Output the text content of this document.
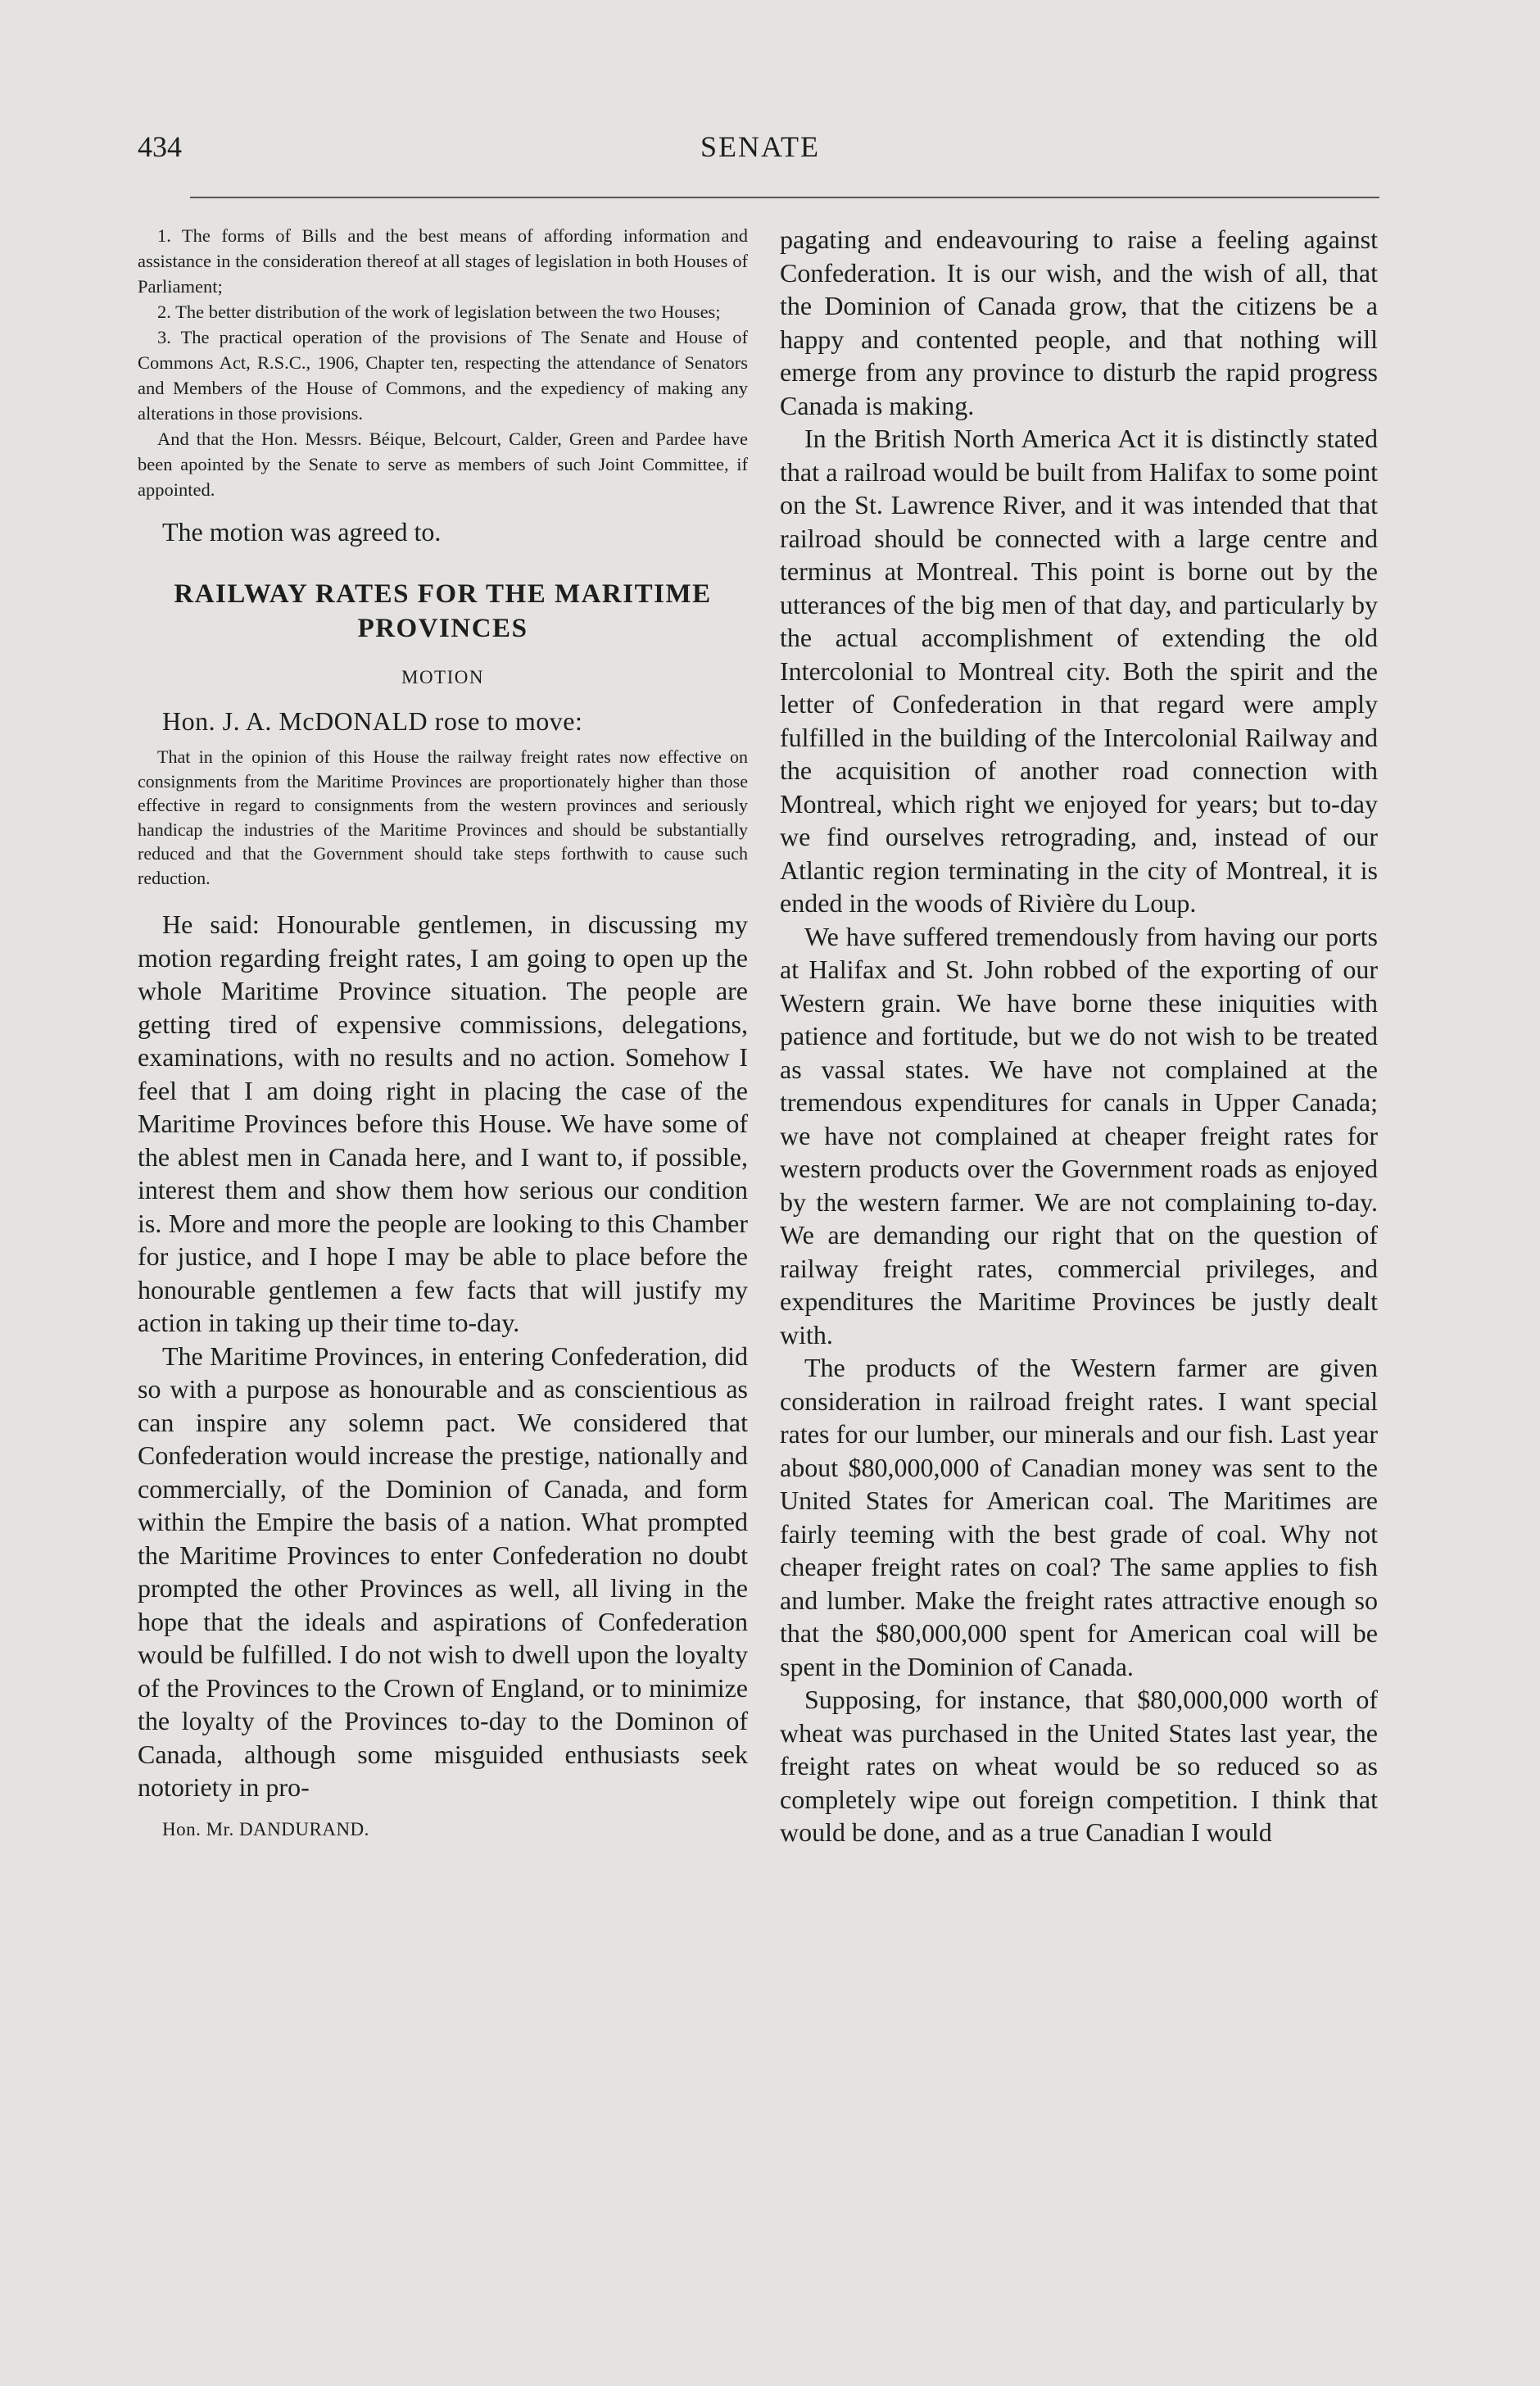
434	SENATE

1. The forms of Bills and the best means of affording information and assistance in the consideration thereof at all stages of legislation in both Houses of Parliament;

2. The better distribution of the work of legislation between the two Houses;

3. The practical operation of the provisions of The Senate and House of Commons Act, R.S.C., 1906, Chapter ten, respecting the attendance of Senators and Members of the House of Commons, and the expediency of making any alterations in those provisions.

And that the Hon. Messrs. Béique, Belcourt, Calder, Green and Pardee have been apointed by the Senate to serve as members of such Joint Committee, if appointed.

The motion was agreed to.

RAILWAY RATES FOR THE MARITIME PROVINCES
MOTION

Hon. J. A. McDONALD rose to move:

That in the opinion of this House the railway freight rates now effective on consignments from the Maritime Provinces are proportionately higher than those effective in regard to consignments from the western provinces and seriously handicap the industries of the Maritime Provinces and should be substantially reduced and that the Government should take steps forthwith to cause such reduction.

He said: Honourable gentlemen, in discussing my motion regarding freight rates, I am going to open up the whole Maritime Province situation. The people are getting tired of expensive commissions, delegations, examinations, with no results and no action. Somehow I feel that I am doing right in placing the case of the Maritime Provinces before this House. We have some of the ablest men in Canada here, and I want to, if possible, interest them and show them how serious our condition is. More and more the people are looking to this Chamber for justice, and I hope I may be able to place before the honourable gentlemen a few facts that will justify my action in taking up their time to-day.

The Maritime Provinces, in entering Confederation, did so with a purpose as honourable and as conscientious as can inspire any solemn pact. We considered that Confederation would increase the prestige, nationally and commercially, of the Dominion of Canada, and form within the Empire the basis of a nation. What prompted the Maritime Provinces to enter Confederation no doubt prompted the other Provinces as well, all living in the hope that the ideals and aspirations of Confederation would be fulfilled. I do not wish to dwell upon the loyalty of the Provinces to the Crown of England, or to minimize the loyalty of the Provinces to-day to the Dominon of Canada, although some misguided enthusiasts seek notoriety in pro-

Hon. Mr. DANDURAND.

pagating and endeavouring to raise a feeling against Confederation. It is our wish, and the wish of all, that the Dominion of Canada grow, that the citizens be a happy and contented people, and that nothing will emerge from any province to disturb the rapid progress Canada is making.

In the British North America Act it is distinctly stated that a railroad would be built from Halifax to some point on the St. Lawrence River, and it was intended that that railroad should be connected with a large centre and terminus at Montreal. This point is borne out by the utterances of the big men of that day, and particularly by the actual accomplishment of extending the old Intercolonial to Montreal city. Both the spirit and the letter of Confederation in that regard were amply fulfilled in the building of the Intercolonial Railway and the acquisition of another road connection with Montreal, which right we enjoyed for years; but to-day we find ourselves retrograding, and, instead of our Atlantic region terminating in the city of Montreal, it is ended in the woods of Rivière du Loup.

We have suffered tremendously from having our ports at Halifax and St. John robbed of the exporting of our Western grain. We have borne these iniquities with patience and fortitude, but we do not wish to be treated as vassal states. We have not complained at the tremendous expenditures for canals in Upper Canada; we have not complained at cheaper freight rates for western products over the Government roads as enjoyed by the western farmer. We are not complaining to-day. We are demanding our right that on the question of railway freight rates, commercial privileges, and expenditures the Maritime Provinces be justly dealt with.

The products of the Western farmer are given consideration in railroad freight rates. I want special rates for our lumber, our minerals and our fish. Last year about $80,000,000 of Canadian money was sent to the United States for American coal. The Maritimes are fairly teeming with the best grade of coal. Why not cheaper freight rates on coal? The same applies to fish and lumber. Make the freight rates attractive enough so that the $80,000,000 spent for American coal will be spent in the Dominion of Canada.

Supposing, for instance, that $80,000,000 worth of wheat was purchased in the United States last year, the freight rates on wheat would be so reduced so as completely wipe out foreign competition. I think that would be done, and as a true Canadian I would
